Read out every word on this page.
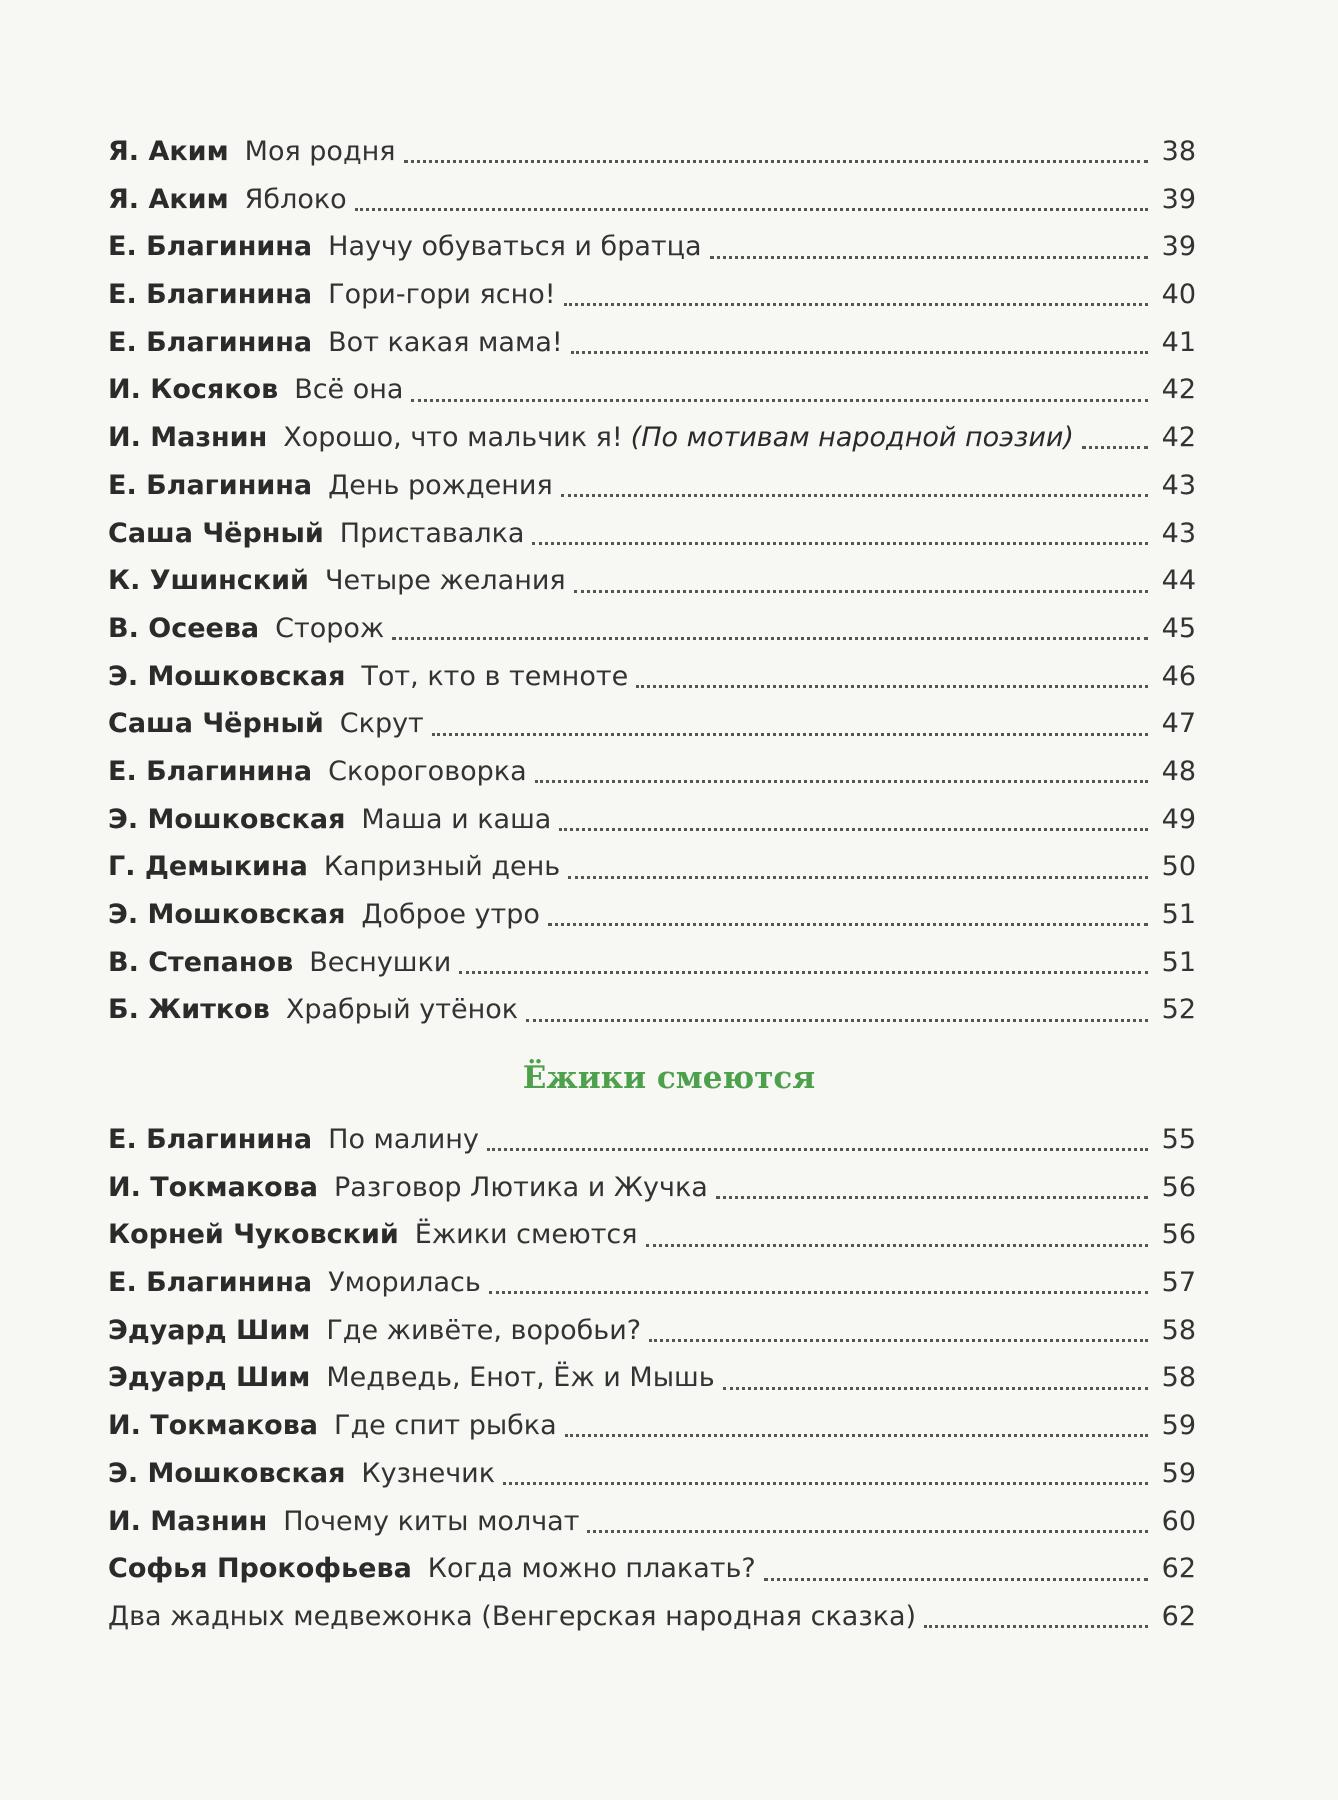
Я. Аким Моя родня	38
Я. Аким Яблоко	39
Е. Благинина Научу обуваться и братца	39
Е. Благинина Гори-гори ясно!	40
Е. Благинина Вот какая мама!	41
И. Косяков Всё она	42
И. Мазнин Хорошо, что мальчик я! (По мотивам народной поэзии)	42
Е. Благинина День рождения	43
Саша Чёрный Приставалка	43
К. Ушинский Четыре желания	44
В. Осеева Сторож	45
Э. Мошковская Тот, кто в темноте	46
Саша Чёрный Скрут	47
Е. Благинина Скороговорка	48
Э. Мошковская Маша и каша	49
Г. Демыкина Капризный день	50
Э. Мошковская Доброе утро	51
В. Степанов Веснушки	51
Б. Житков Храбрый утёнок	52
Ёжики смеются
Е. Благинина По малину	55
И. Токмакова Разговор Лютика и Жучка	56
Корней Чуковский Ёжики смеются	56
Е. Благинина Уморилась	57
Эдуард Шим Где живёте, воробьи?	58
Эдуард Шим Медведь, Енот, Ёж и Мышь	58
И. Токмакова Где спит рыбка	59
Э. Мошковская Кузнечик	59
И. Мазнин Почему киты молчат	60
Софья Прокофьева Когда можно плакать?	62
Два жадных медвежонка (Венгерская народная сказка)	62
